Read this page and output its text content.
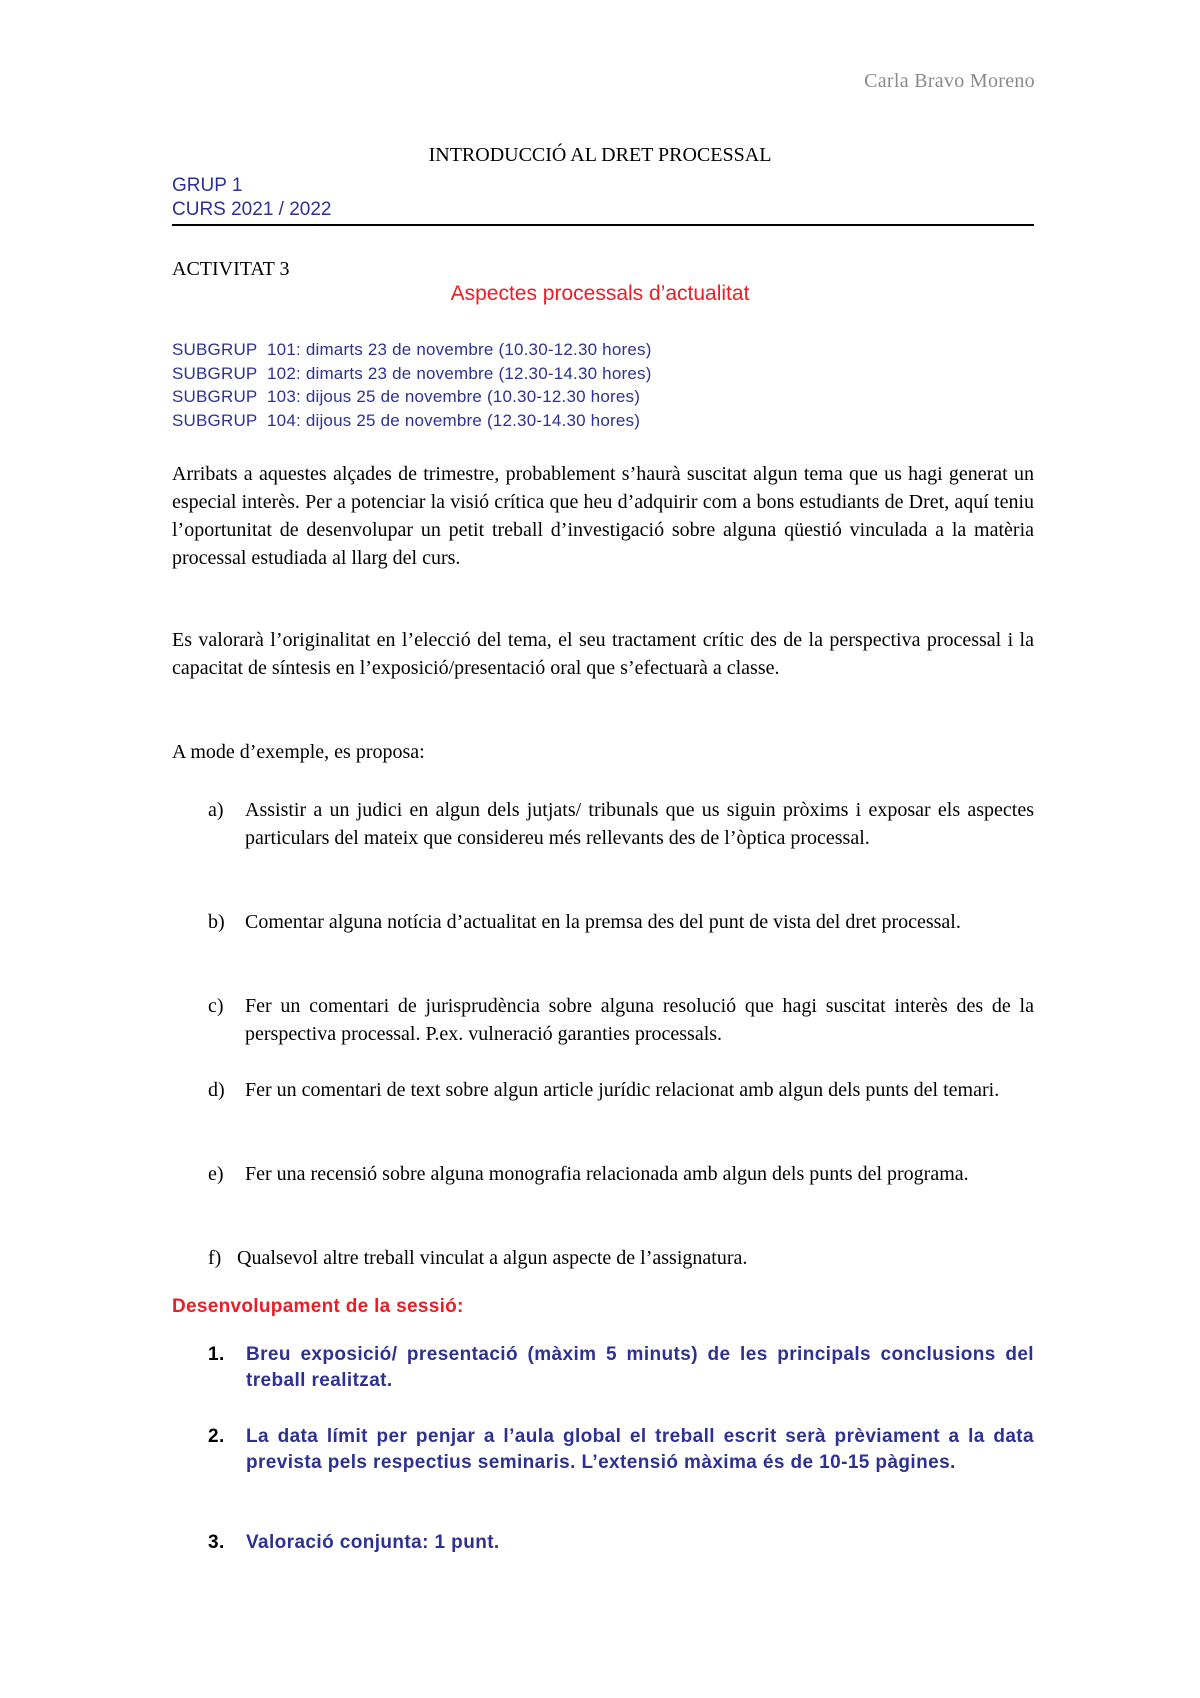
Carla Bravo Moreno
INTRODUCCIÓ AL DRET PROCESSAL
GRUP 1
CURS 2021 / 2022
ACTIVITAT 3
Aspectes processals d’actualitat
SUBGRUP  101: dimarts 23 de novembre (10.30-12.30 hores)
SUBGRUP  102: dimarts 23 de novembre (12.30-14.30 hores)
SUBGRUP  103: dijous 25 de novembre (10.30-12.30 hores)
SUBGRUP  104: dijous 25 de novembre (12.30-14.30 hores)
Arribats a aquestes alçades de trimestre, probablement s’haurà suscitat algun tema que us hagi generat un especial interès. Per a potenciar la visió crítica que heu d’adquirir com a bons estudiants de Dret, aquí teniu l’oportunitat de desenvolupar un petit treball d’investigació sobre alguna qüestió vinculada a la matèria processal estudiada al llarg del curs.
Es valorarà l’originalitat en l’elecció del tema, el seu tractament crític des de la perspectiva processal i la capacitat de síntesis en l’exposició/presentació oral que s’efectuarà a classe.
A mode d’exemple, es proposa:
a) Assistir a un judici en algun dels jutjats/ tribunals que us siguin pròxims i exposar els aspectes particulars del mateix que considereu més rellevants des de l’òptica processal.
b) Comentar alguna notícia d’actualitat en la premsa des del punt de vista del dret processal.
c) Fer un comentari de jurisprudència sobre alguna resolució que hagi suscitat interès des de la perspectiva processal. P.ex. vulneració garanties processals.
d) Fer un comentari de text sobre algun article jurídic relacionat amb algun dels punts del temari.
e) Fer una recensió sobre alguna monografia relacionada amb algun dels punts del programa.
f) Qualsevol altre treball vinculat a algun aspecte de l’assignatura.
Desenvolupament de la sessió:
1. Breu exposició/ presentació (màxim 5 minuts) de les principals conclusions del treball realitzat.
2. La data límit per penjar a l’aula global el treball escrit serà prèviament a la data prevista pels respectius seminaris. L’extensió màxima és de 10-15 pàgines.
3. Valoració conjunta: 1 punt.
